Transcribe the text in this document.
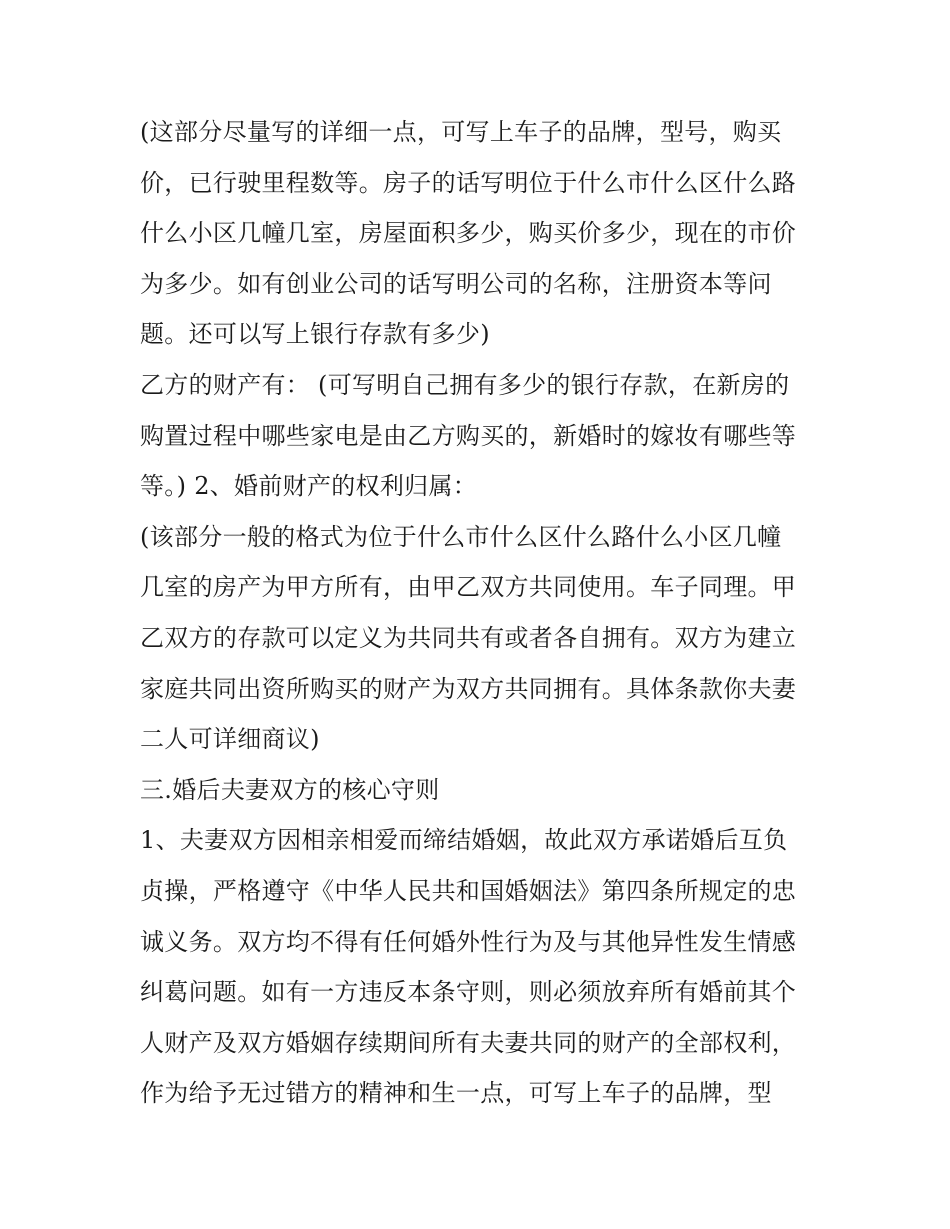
(这部分尽量写的详细一点，可写上车子的品牌，型号，购买
价，已行驶里程数等。房子的话写明位于什么市什么区什么路
什么小区几幢几室，房屋面积多少，购买价多少，现在的市价
为多少。如有创业公司的话写明公司的名称，注册资本等问
题。还可以写上银行存款有多少)
乙方的财产有： (可写明自己拥有多少的银行存款，在新房的
购置过程中哪些家电是由乙方购买的，新婚时的嫁妆有哪些等
等。) 2、婚前财产的权利归属：
(该部分一般的格式为位于什么市什么区什么路什么小区几幢
几室的房产为甲方所有，由甲乙双方共同使用。车子同理。甲
乙双方的存款可以定义为共同共有或者各自拥有。双方为建立
家庭共同出资所购买的财产为双方共同拥有。具体条款你夫妻
二人可详细商议)
三.婚后夫妻双方的核心守则
1、夫妻双方因相亲相爱而缔结婚姻，故此双方承诺婚后互负
贞操，严格遵守《中华人民共和国婚姻法》第四条所规定的忠
诚义务。双方均不得有任何婚外性行为及与其他异性发生情感
纠葛问题。如有一方违反本条守则，则必须放弃所有婚前其个
人财产及双方婚姻存续期间所有夫妻共同的财产的全部权利，
作为给予无过错方的精神和生一点，可写上车子的品牌，型
